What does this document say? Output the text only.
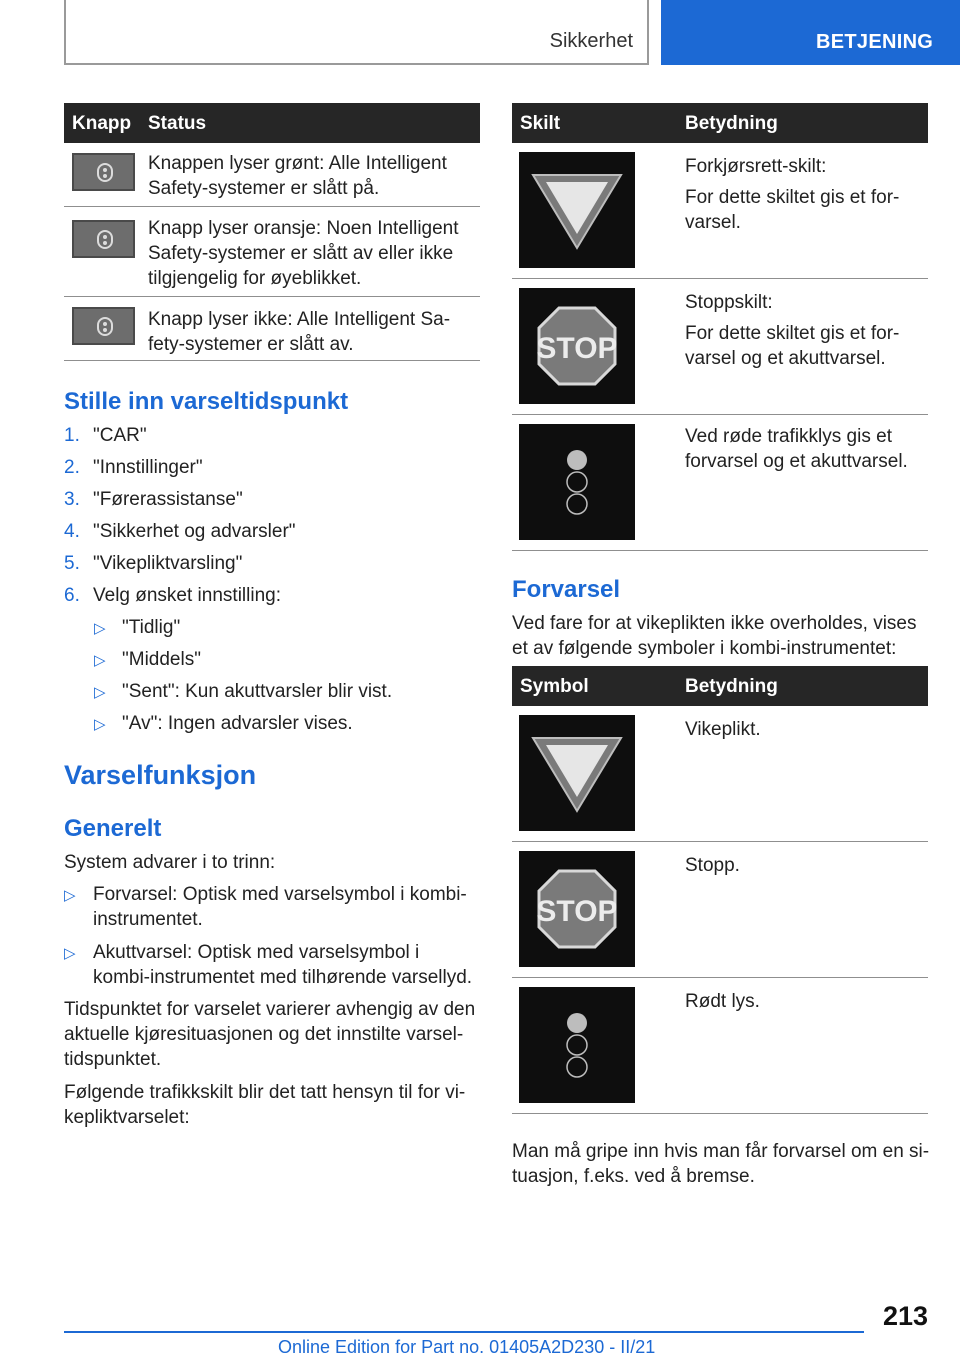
Sikkerhet	BETJENING
Knapp Status
Knappen lyser grønt: Alle Intelligent
Safety-systemer er slått på.
Knapp lyser oransje: Noen Intelligent
Safety-systemer er slått av eller ikke
tilgjengelig for øyeblikket.
Knapp lyser ikke: Alle Intelligent Sa-
fety-systemer er slått av.
Stille inn varseltidspunkt
1. "CAR"
2. "Innstillinger"
3. "Førerassistanse"
4. "Sikkerhet og advarsler"
5. "Vikepliktvarsling"
6. Velg ønsket innstilling:
▷ "Tidlig"
▷ "Middels"
▷ "Sent": Kun akuttvarsler blir vist.
▷ "Av": Ingen advarsler vises.
Varselfunksjon
Generelt
System advarer i to trinn:
▷ Forvarsel: Optisk med varselsymbol i kombi-
instrumentet.
▷ Akuttvarsel: Optisk med varselsymbol i
kombi-instrumentet med tilhørende varsellyd.
Tidspunktet for varselet varierer avhengig av den
aktuelle kjøresituasjonen og det innstilte varsel-
tidspunktet.
Følgende trafikkskilt blir det tatt hensyn til for vi-
kepliktvarselet:
Skilt	Betydning

Forkjørsrett-skilt:

For dette skiltet gis et for-
varsel.
STOP

Stoppskilt:

For dette skiltet gis et for-
varsel og et akuttvarsel.
Ved røde trafikklys gis et
forvarsel og et akuttvarsel.
Forvarsel
Ved fare for at vikeplikten ikke overholdes, vises
et av følgende symboler i kombi-instrumentet:
Symbol	Betydning
Vikeplikt.
STOP
Stopp.
Rødt lys.
Man må gripe inn hvis man får forvarsel om en si-
tuasjon, f.eks. ved å bremse.
213
Online Edition for Part no. 01405A2D230 - II/21
